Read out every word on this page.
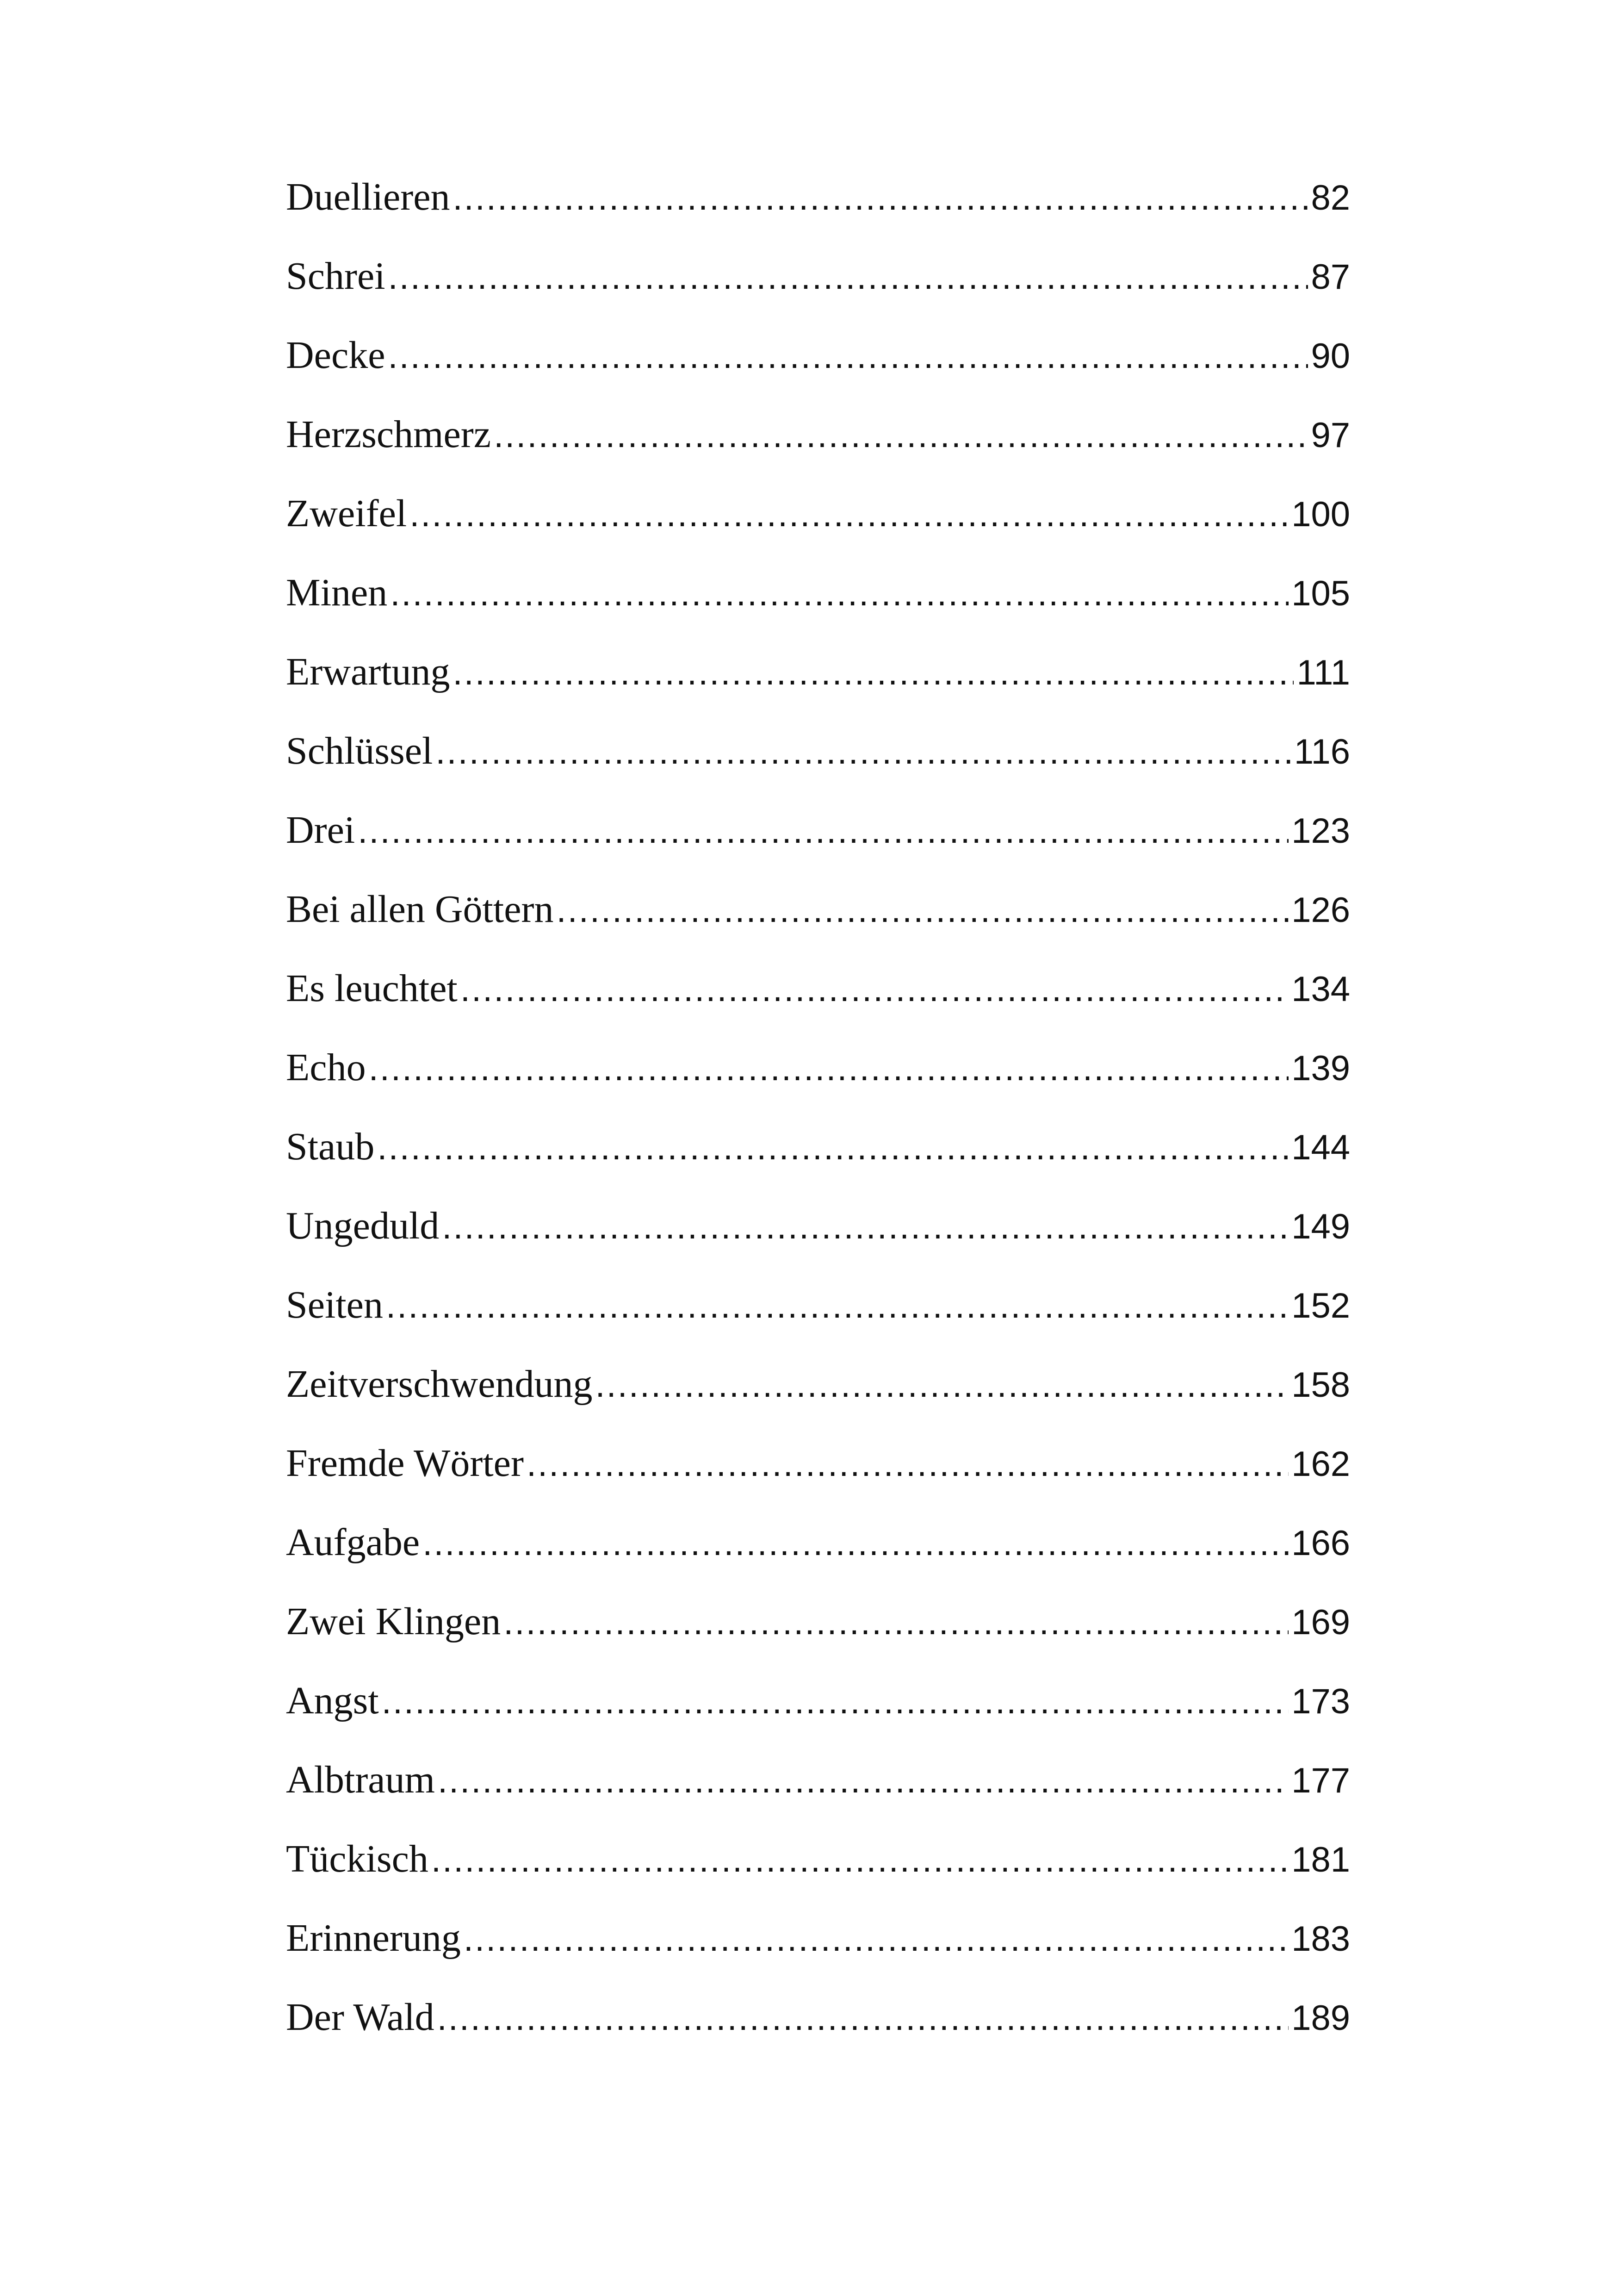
Duellieren .....	82
Schrei .....	87
Decke .....	90
Herzschmerz .....	97
Zweifel .....	100
Minen .....	105
Erwartung .....	111
Schlüssel .....	116
Drei .....	123
Bei allen Göttern .....	126
Es leuchtet .....	134
Echo .....	139
Staub .....	144
Ungeduld .....	149
Seiten .....	152
Zeitverschwendung .....	158
Fremde Wörter .....	162
Aufgabe .....	166
Zwei Klingen .....	169
Angst .....	173
Albtraum .....	177
Tückisch .....	181
Erinnerung .....	183
Der Wald .....	189
